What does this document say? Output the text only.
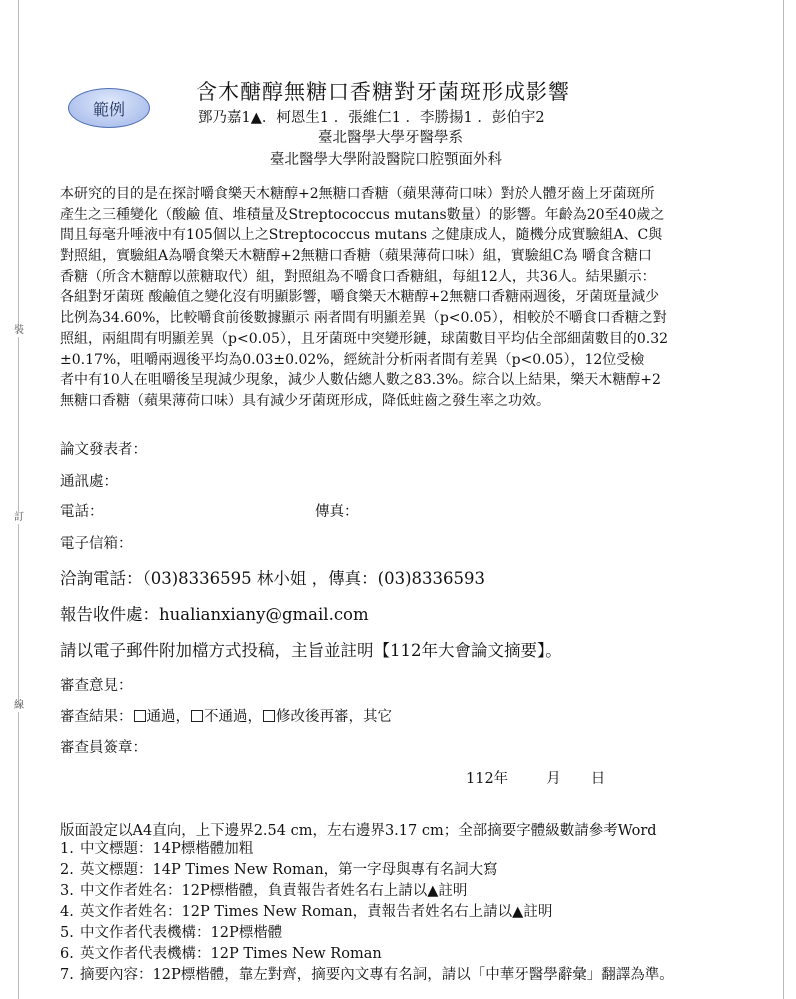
裝
訂
線
範例
含木醣醇無糖口香糖對牙菌斑形成影響
鄧乃嘉1▲．柯恩生1 ．張維仁1 ．李勝揚1 ．彭伯宇2
臺北醫學大學牙醫學系
臺北醫學大學附設醫院口腔顎面外科
本研究的目的是在探討嚼食樂天木糖醇+2無糖口香糖（蘋果薄荷口味）對於人體牙齒上牙菌斑所
產生之三種變化（酸鹼 值、堆積量及Streptococcus mutans數量）的影響。年齡為20至40歲之
間且每毫升唾液中有105個以上之Streptococcus mutans 之健康成人，隨機分成實驗組A、C與
對照組，實驗組A為嚼食樂天木糖醇+2無糖口香糖（蘋果薄荷口味）組，實驗組C為 嚼食含糖口
香糖（所含木糖醇以蔗糖取代）組，對照組為不嚼食口香糖組，每組12人，共36人。結果顯示：
各組對牙菌斑 酸鹼值之變化沒有明顯影響，嚼食樂天木糖醇+2無糖口香糖兩週後，牙菌斑量減少
比例為34.60%，比較嚼食前後數據顯示 兩者間有明顯差異（p<0.05），相較於不嚼食口香糖之對
照組，兩組間有明顯差異（p<0.05），且牙菌斑中突變形鏈，球菌數目平均佔全部細菌數目的0.32
±0.17%，咀嚼兩週後平均為0.03±0.02%，經統計分析兩者間有差異（p<0.05），12位受檢
者中有10人在咀嚼後呈現減少現象，減少人數佔總人數之83.3%。綜合以上結果，樂天木糖醇+2
無糖口香糖（蘋果薄荷口味）具有減少牙菌斑形成，降低蛀齒之發生率之功效。
論文發表者：
通訊處：
電話：	傳真：
電子信箱：
洽詢電話：（03)8336595 林小姐 ，傳真：(03)8336593
報告收件處：hualianxiany@gmail.com
請以電子郵件附加檔方式投稿，主旨並註明【112年大會論文摘要】。
審查意見：
審查結果： 通過， 不通過， 修改後再審，其它
審查員簽章：
112年	月 日
版面設定以A4直向，上下邊界2.54 cm，左右邊界3.17 cm；全部摘要字體級數請參考Word
1. 中文標題：14P標楷體加粗
2. 英文標題：14P Times New Roman，第一字母與專有名詞大寫
3. 中文作者姓名：12P標楷體，負責報告者姓名右上請以▲註明
4. 英文作者姓名：12P Times New Roman，責報告者姓名右上請以▲註明
5. 中文作者代表機構：12P標楷體
6. 英文作者代表機構：12P Times New Roman
7. 摘要內容：12P標楷體，靠左對齊，摘要內文專有名詞，請以「中華牙醫學辭彙」翻譯為準。
